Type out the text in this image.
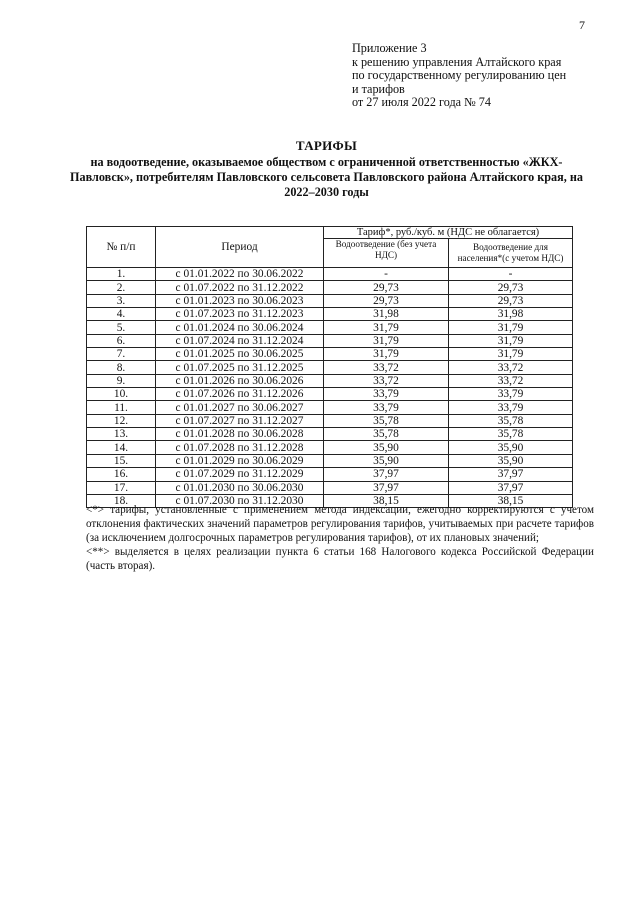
7
Приложение 3
к решению управления Алтайского края
по государственному регулированию цен
и тарифов
от 27 июля 2022 года № 74
ТАРИФЫ
на водоотведение, оказываемое обществом с ограниченной ответственностью «ЖКХ-Павловск», потребителям Павловского сельсовета Павловского района Алтайского края, на 2022–2030 годы
№ п/п	Период	Тариф*, руб./куб. м (НДС не облагается)	
		Водоотведение (без учета НДС)	Водоотведение для населения*(с учетом НДС)
1.	с 01.01.2022 по 30.06.2022	-	-
2.	с 01.07.2022 по 31.12.2022	29,73	29,73
3.	с 01.01.2023 по 30.06.2023	29,73	29,73
4.	с 01.07.2023 по 31.12.2023	31,98	31,98
5.	с 01.01.2024 по 30.06.2024	31,79	31,79
6.	с 01.07.2024 по 31.12.2024	31,79	31,79
7.	с 01.01.2025 по 30.06.2025	31,79	31,79
8.	с 01.07.2025 по 31.12.2025	33,72	33,72
9.	с 01.01.2026 по 30.06.2026	33,72	33,72
10.	с 01.07.2026 по 31.12.2026	33,79	33,79
11.	с 01.01.2027 по 30.06.2027	33,79	33,79
12.	с 01.07.2027 по 31.12.2027	35,78	35,78
13.	с 01.01.2028 по 30.06.2028	35,78	35,78
14.	с 01.07.2028 по 31.12.2028	35,90	35,90
15.	с 01.01.2029 по 30.06.2029	35,90	35,90
16.	с 01.07.2029 по 31.12.2029	37,97	37,97
17.	с 01.01.2030 по 30.06.2030	37,97	37,97
18.	с 01.07.2030 по 31.12.2030	38,15	38,15

<*> тарифы, установленные с применением метода индексации, ежегодно корректируются с учетом отклонения фактических значений параметров регулирования тарифов, учитываемых при расчете тарифов (за исключением долгосрочных параметров регулирования тарифов), от их плановых значений;

<**> выделяется в целях реализации пункта 6 статьи 168 Налогового кодекса Российской Федерации (часть вторая).
